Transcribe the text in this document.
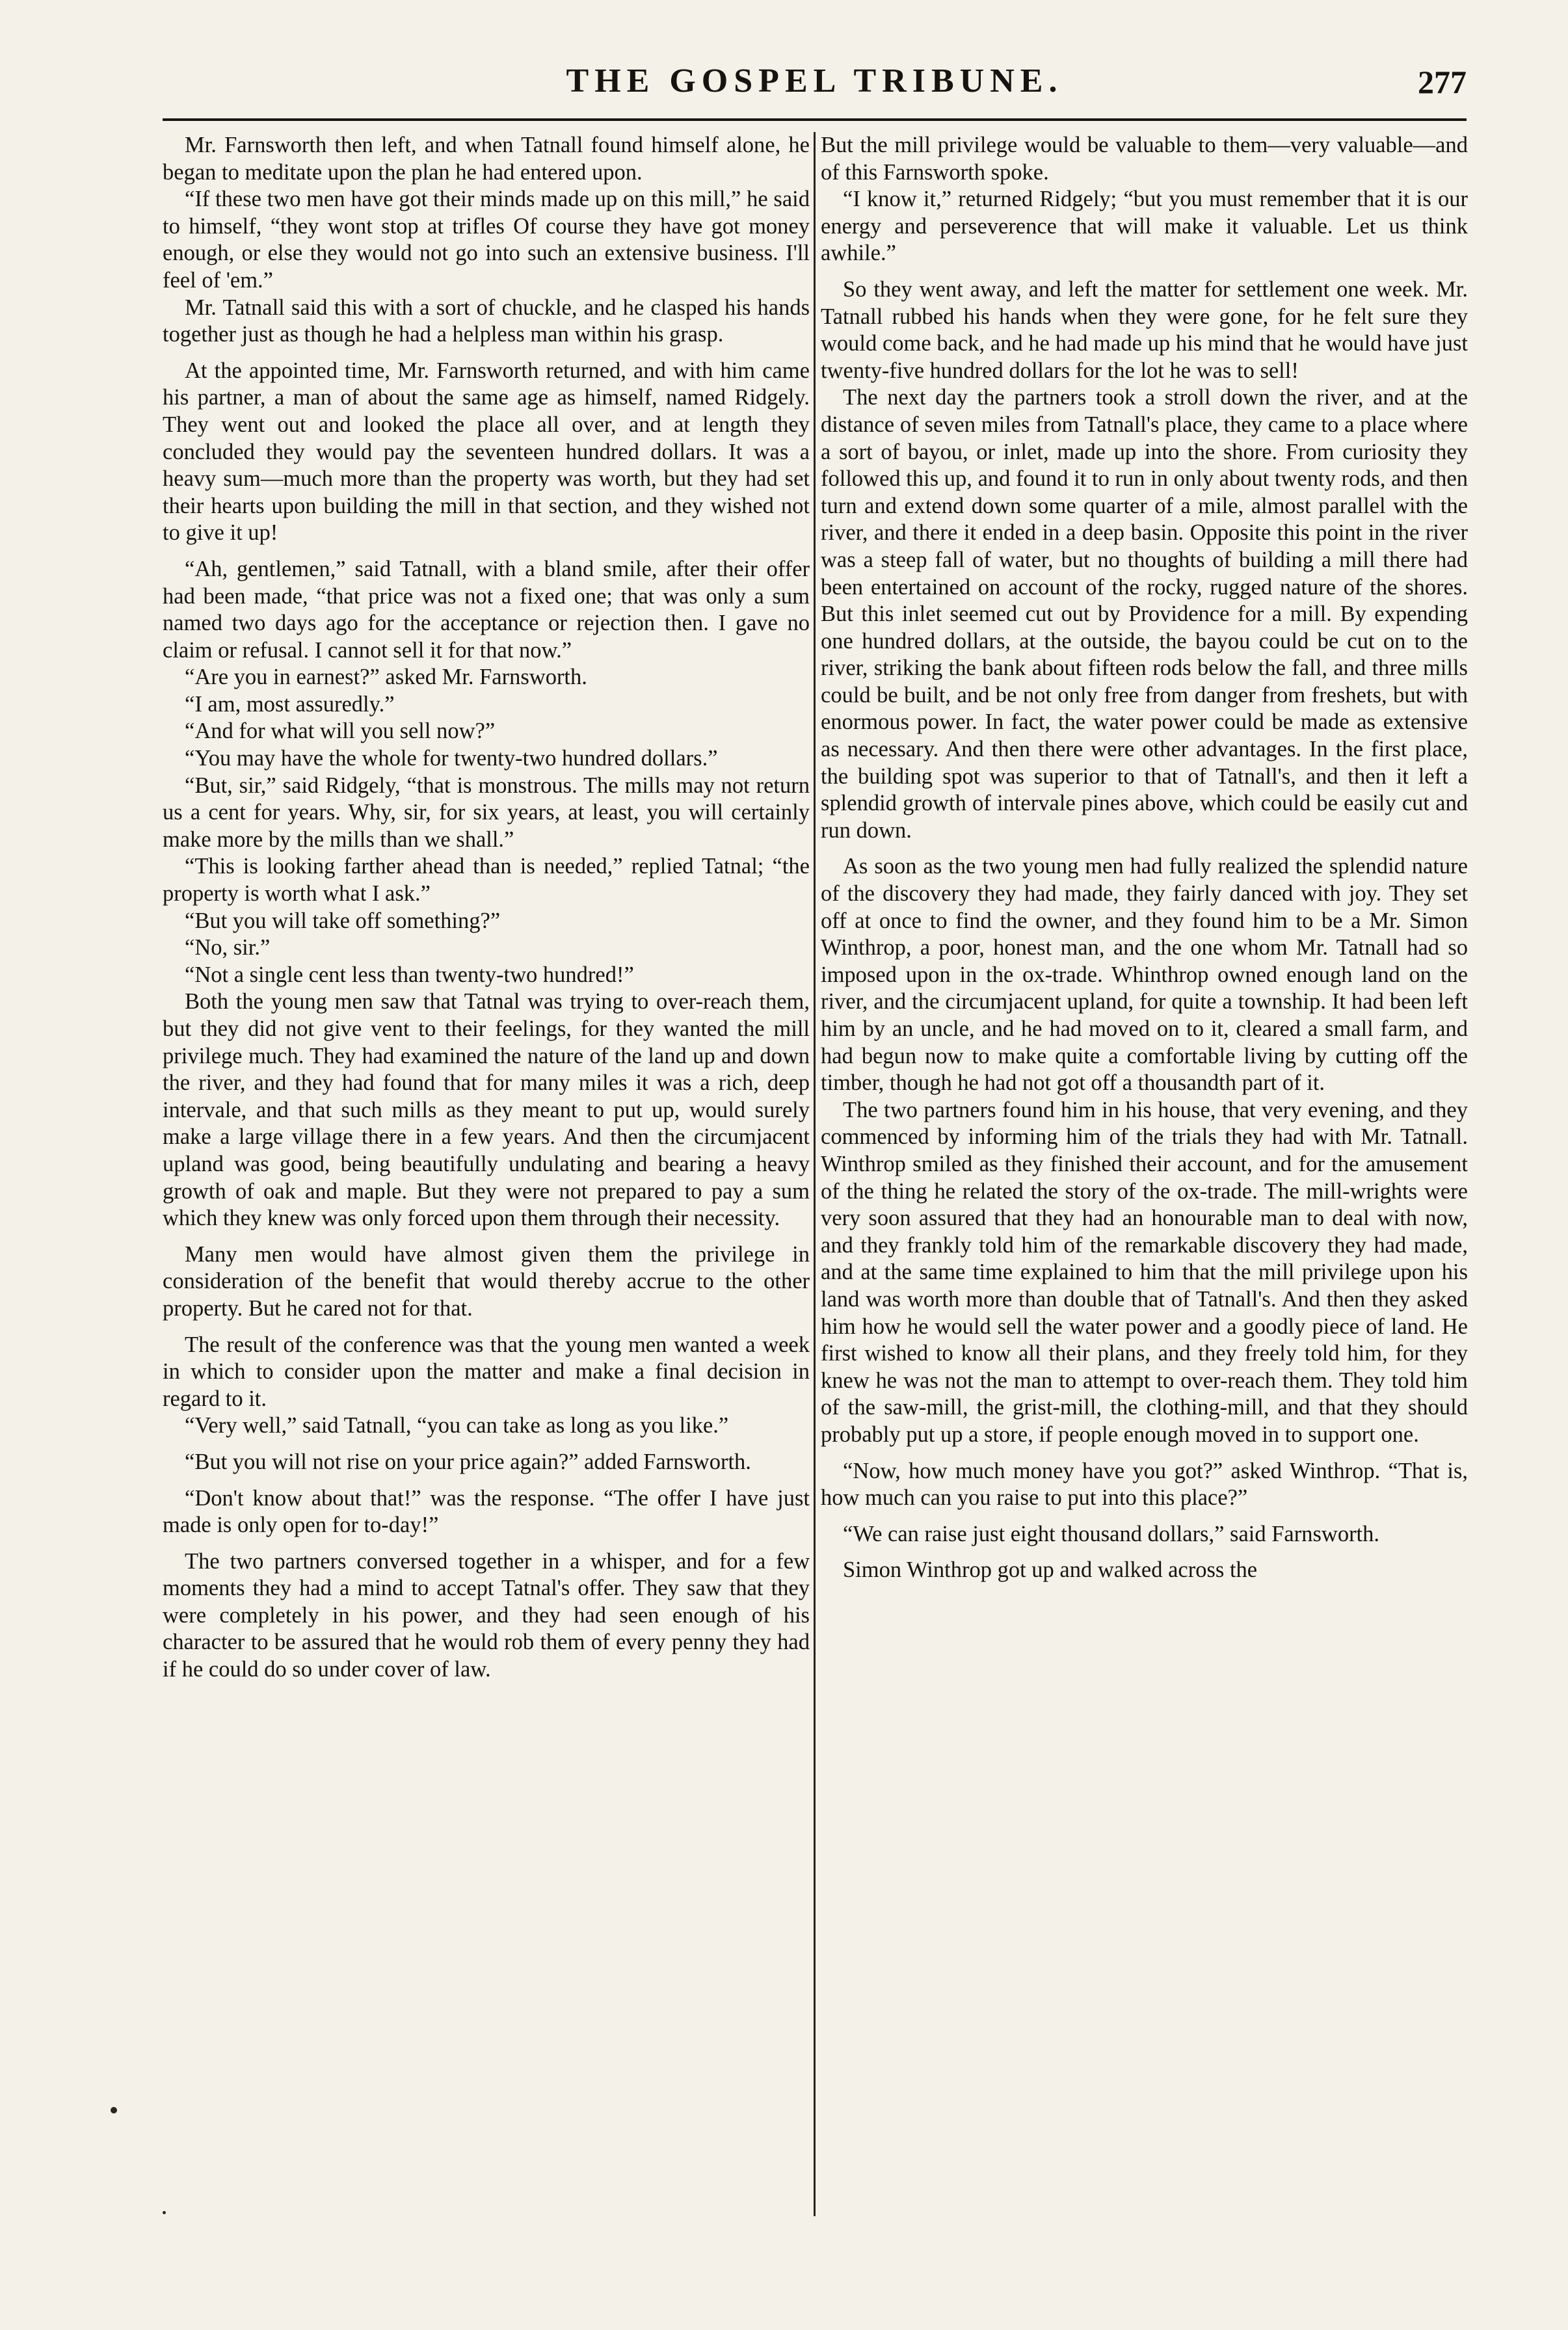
THE GOSPEL TRIBUNE.	277

Mr. Farnsworth then left, and when Tatnall found himself alone, he began to meditate upon the plan he had entered upon.

“If these two men have got their minds made up on this mill,” he said to himself, “they wont stop at trifles Of course they have got money enough, or else they would not go into such an extensive business. I'll feel of 'em.”

Mr. Tatnall said this with a sort of chuckle, and he clasped his hands together just as though he had a helpless man within his grasp.

At the appointed time, Mr. Farnsworth returned, and with him came his partner, a man of about the same age as himself, named Ridgely. They went out and looked the place all over, and at length they concluded they would pay the seventeen hundred dollars. It was a heavy sum—much more than the property was worth, but they had set their hearts upon building the mill in that section, and they wished not to give it up!

“Ah, gentlemen,” said Tatnall, with a bland smile, after their offer had been made, “that price was not a fixed one; that was only a sum named two days ago for the acceptance or rejection then. I gave no claim or refusal. I cannot sell it for that now.”

“Are you in earnest?” asked Mr. Farnsworth.

“I am, most assuredly.”

“And for what will you sell now?”

“You may have the whole for twenty-two hundred dollars.”

“But, sir,” said Ridgely, “that is monstrous. The mills may not return us a cent for years. Why, sir, for six years, at least, you will certainly make more by the mills than we shall.”

“This is looking farther ahead than is needed,” replied Tatnal; “the property is worth what I ask.”

“But you will take off something?”

“No, sir.”

“Not a single cent less than twenty-two hundred!”

Both the young men saw that Tatnal was trying to over-reach them, but they did not give vent to their feelings, for they wanted the mill privilege much. They had examined the nature of the land up and down the river, and they had found that for many miles it was a rich, deep intervale, and that such mills as they meant to put up, would surely make a large village there in a few years. And then the circumjacent upland was good, being beautifully undulating and bearing a heavy growth of oak and maple. But they were not prepared to pay a sum which they knew was only forced upon them through their necessity.

Many men would have almost given them the privilege in consideration of the benefit that would thereby accrue to the other property. But he cared not for that.

The result of the conference was that the young men wanted a week in which to consider upon the matter and make a final decision in regard to it.

“Very well,” said Tatnall, “you can take as long as you like.”

“But you will not rise on your price again?” added Farnsworth.

“Don't know about that!” was the response. “The offer I have just made is only open for to-day!”

The two partners conversed together in a whisper, and for a few moments they had a mind to accept Tatnal's offer. They saw that they were completely in his power, and they had seen enough of his character to be assured that he would rob them of every penny they had if he could do so under cover of law.

But the mill privilege would be valuable to them—very valuable—and of this Farnsworth spoke.

“I know it,” returned Ridgely; “but you must remember that it is our energy and perseverence that will make it valuable. Let us think awhile.”

So they went away, and left the matter for settlement one week. Mr. Tatnall rubbed his hands when they were gone, for he felt sure they would come back, and he had made up his mind that he would have just twenty-five hundred dollars for the lot he was to sell!

The next day the partners took a stroll down the river, and at the distance of seven miles from Tatnall's place, they came to a place where a sort of bayou, or inlet, made up into the shore. From curiosity they followed this up, and found it to run in only about twenty rods, and then turn and extend down some quarter of a mile, almost parallel with the river, and there it ended in a deep basin. Opposite this point in the river was a steep fall of water, but no thoughts of building a mill there had been entertained on account of the rocky, rugged nature of the shores. But this inlet seemed cut out by Providence for a mill. By expending one hundred dollars, at the outside, the bayou could be cut on to the river, striking the bank about fifteen rods below the fall, and three mills could be built, and be not only free from danger from freshets, but with enormous power. In fact, the water power could be made as extensive as necessary. And then there were other advantages. In the first place, the building spot was superior to that of Tatnall's, and then it left a splendid growth of intervale pines above, which could be easily cut and run down.

As soon as the two young men had fully realized the splendid nature of the discovery they had made, they fairly danced with joy. They set off at once to find the owner, and they found him to be a Mr. Simon Winthrop, a poor, honest man, and the one whom Mr. Tatnall had so imposed upon in the ox-trade. Whinthrop owned enough land on the river, and the circumjacent upland, for quite a township. It had been left him by an uncle, and he had moved on to it, cleared a small farm, and had begun now to make quite a comfortable living by cutting off the timber, though he had not got off a thousandth part of it.

The two partners found him in his house, that very evening, and they commenced by informing him of the trials they had with Mr. Tatnall. Winthrop smiled as they finished their account, and for the amusement of the thing he related the story of the ox-trade. The mill-wrights were very soon assured that they had an honourable man to deal with now, and they frankly told him of the remarkable discovery they had made, and at the same time explained to him that the mill privilege upon his land was worth more than double that of Tatnall's. And then they asked him how he would sell the water power and a goodly piece of land. He first wished to know all their plans, and they freely told him, for they knew he was not the man to attempt to over-reach them. They told him of the saw-mill, the grist-mill, the clothing-mill, and that they should probably put up a store, if people enough moved in to support one.

“Now, how much money have you got?” asked Winthrop. “That is, how much can you raise to put into this place?”

“We can raise just eight thousand dollars,” said Farnsworth.

Simon Winthrop got up and walked across the
